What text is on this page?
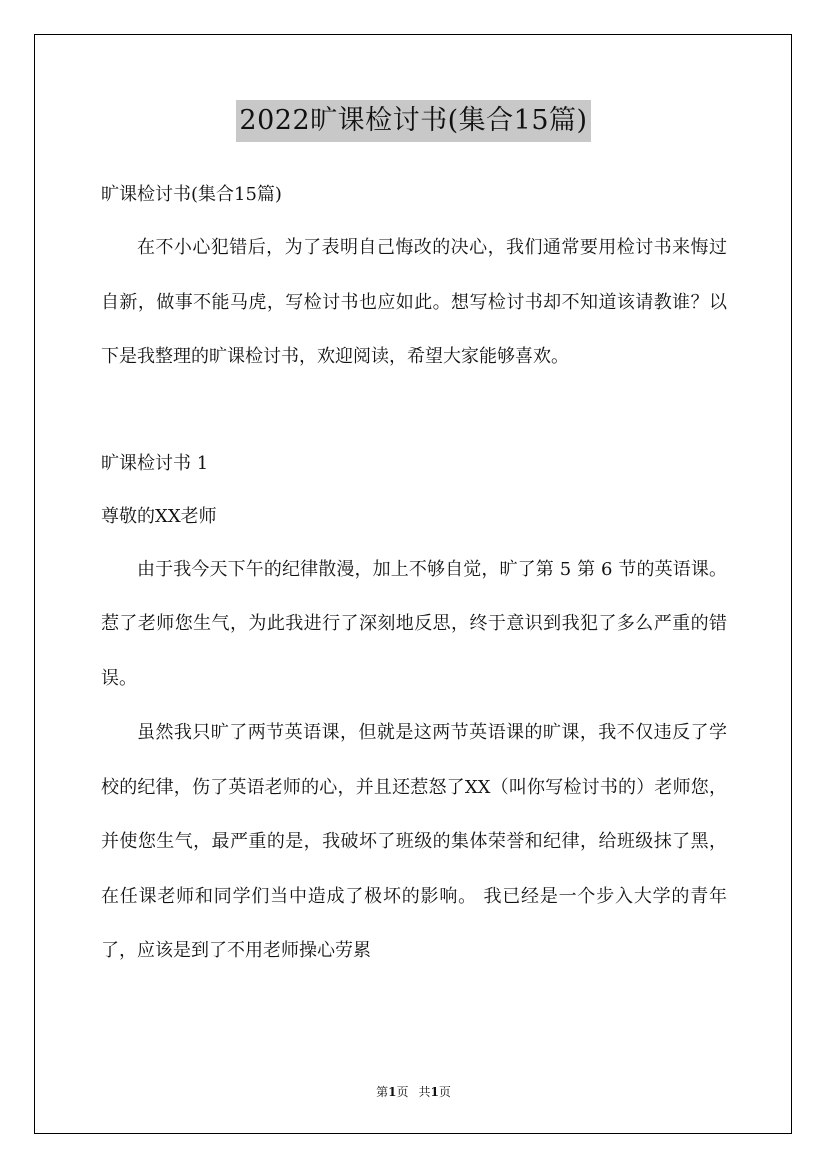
2022旷课检讨书(集合15篇)
旷课检讨书(集合15篇)

在不小心犯错后，为了表明自己悔改的决心，我们通常要用检讨书来悔过自新，做事不能马虎，写检讨书也应如此。想写检讨书却不知道该请教谁？以下是我整理的旷课检讨书，欢迎阅读，希望大家能够喜欢。

旷课检讨书 1
尊敬的XX老师

由于我今天下午的纪律散漫，加上不够自觉，旷了第 5 第 6 节的英语课。惹了老师您生气，为此我进行了深刻地反思，终于意识到我犯了多么严重的错误。

虽然我只旷了两节英语课，但就是这两节英语课的旷课，我不仅违反了学校的纪律，伤了英语老师的心，并且还惹怒了XX（叫你写检讨书的）老师您，并使您生气，最严重的是，我破坏了班级的集体荣誉和纪律，给班级抹了黑，在任课老师和同学们当中造成了极坏的影响。 我已经是一个步入大学的青年了，应该是到了不用老师操心劳累

第1页 共1页
